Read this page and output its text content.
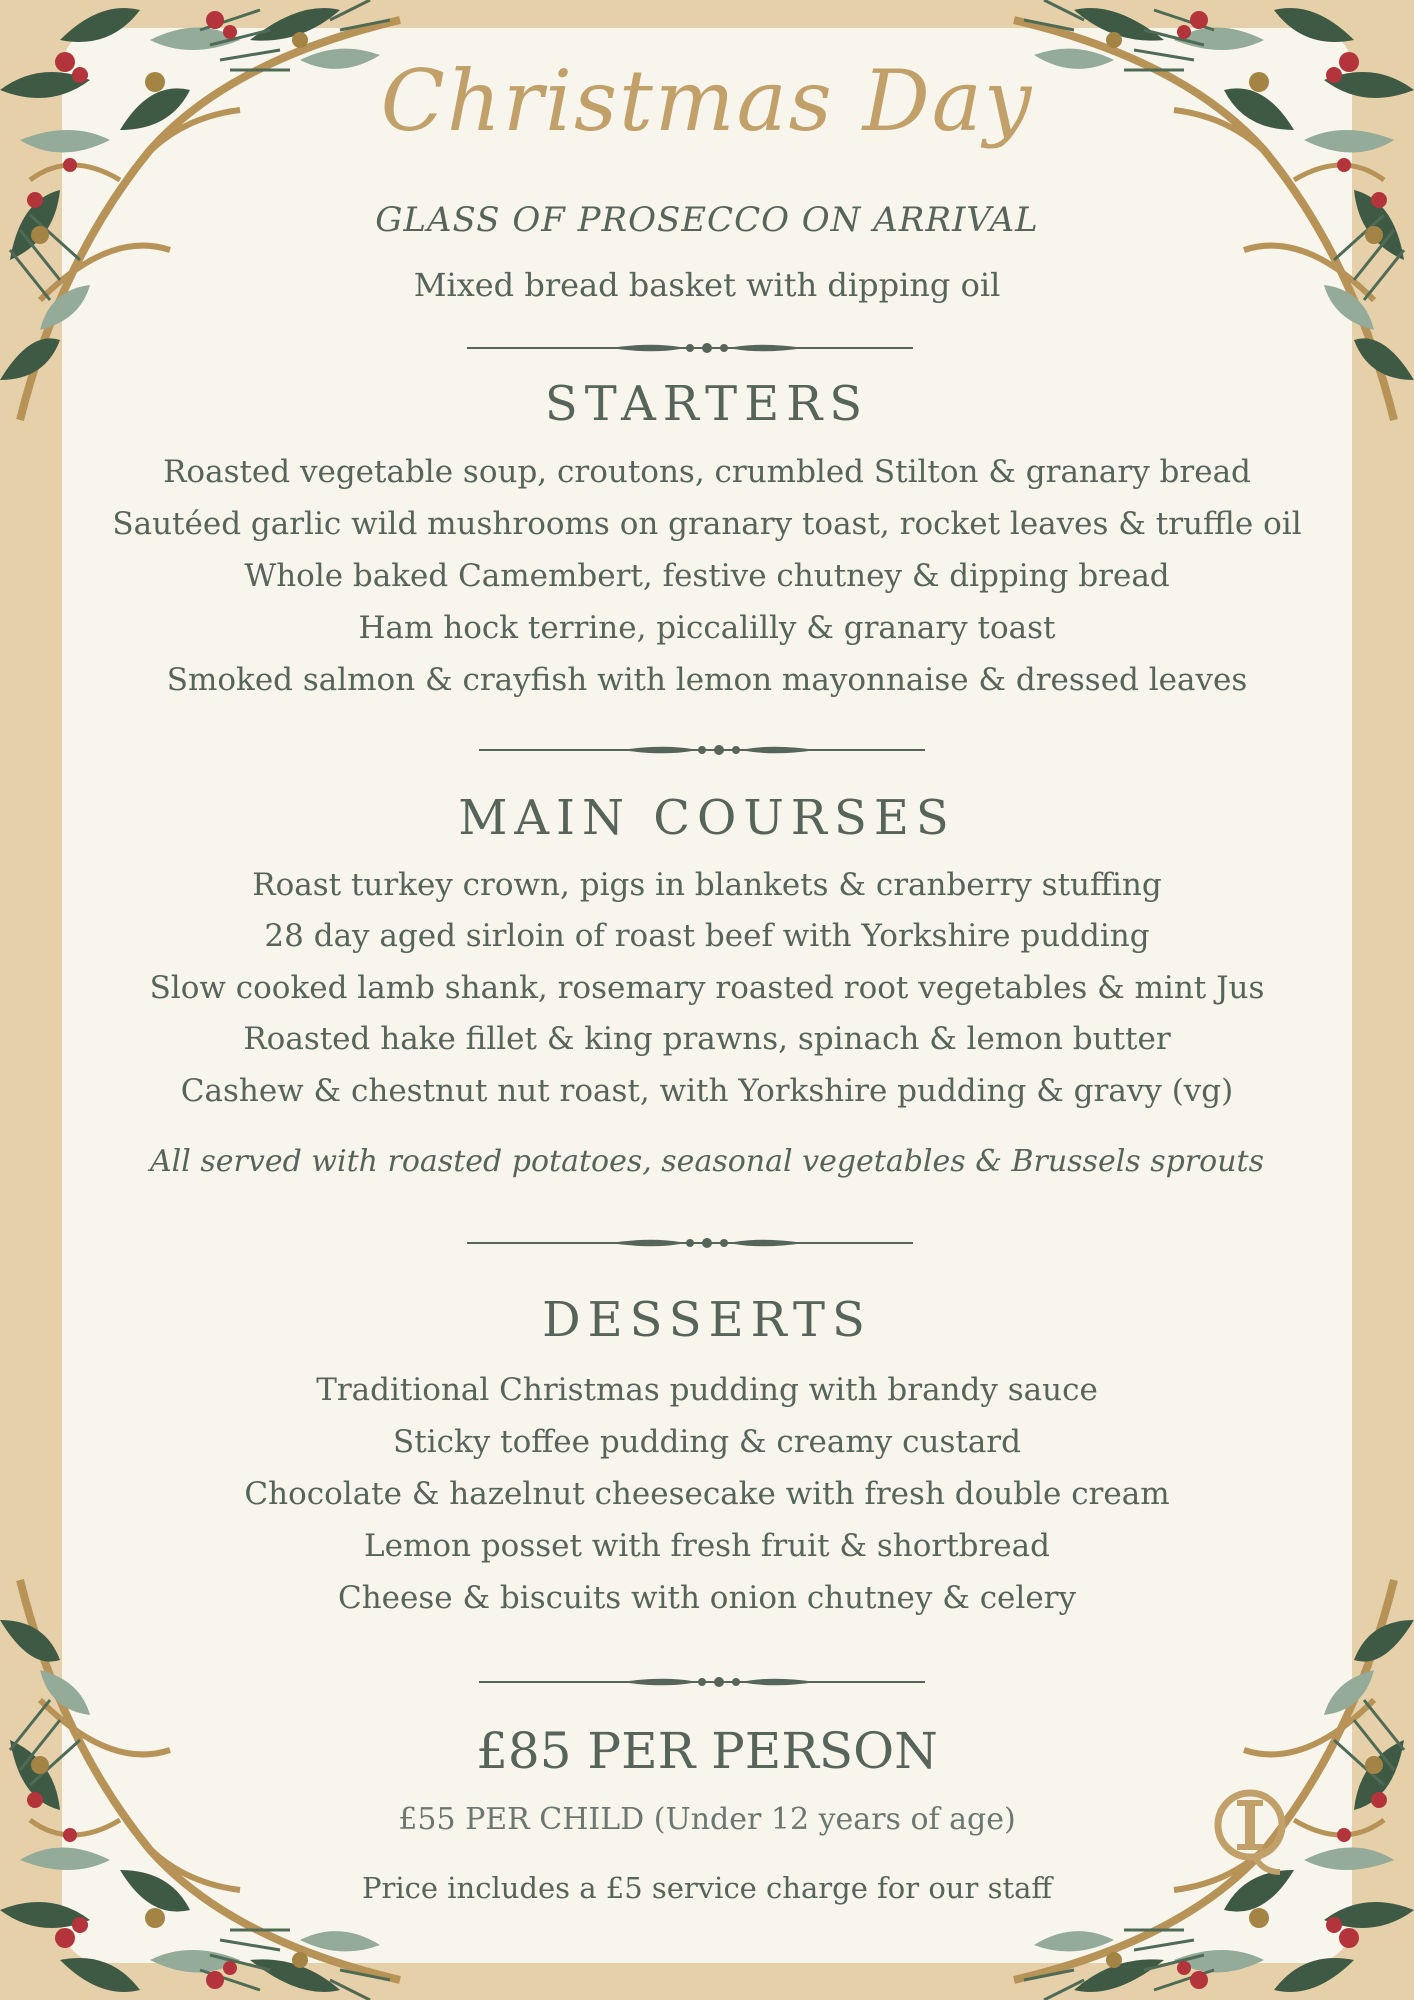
Christmas Day
GLASS OF PROSECCO ON ARRIVAL
Mixed bread basket with dipping oil
STARTERS
Roasted vegetable soup, croutons, crumbled Stilton & granary bread
Sautéed garlic wild mushrooms on granary toast, rocket leaves & truffle oil
Whole baked Camembert, festive chutney & dipping bread
Ham hock terrine, piccalilly & granary toast
Smoked salmon & crayfish with lemon mayonnaise & dressed leaves
MAIN COURSES
Roast turkey crown, pigs in blankets & cranberry stuffing
28 day aged sirloin of roast beef with Yorkshire pudding
Slow cooked lamb shank, rosemary roasted root vegetables & mint Jus
Roasted hake fillet & king prawns, spinach & lemon butter
Cashew & chestnut nut roast, with Yorkshire pudding & gravy (vg)
All served with roasted potatoes, seasonal vegetables & Brussels sprouts
DESSERTS
Traditional Christmas pudding with brandy sauce
Sticky toffee pudding & creamy custard
Chocolate & hazelnut cheesecake with fresh double cream
Lemon posset with fresh fruit & shortbread
Cheese & biscuits with onion chutney & celery
£85 PER PERSON
£55 PER CHILD (Under 12 years of age)
Price includes a £5 service charge for our staff
